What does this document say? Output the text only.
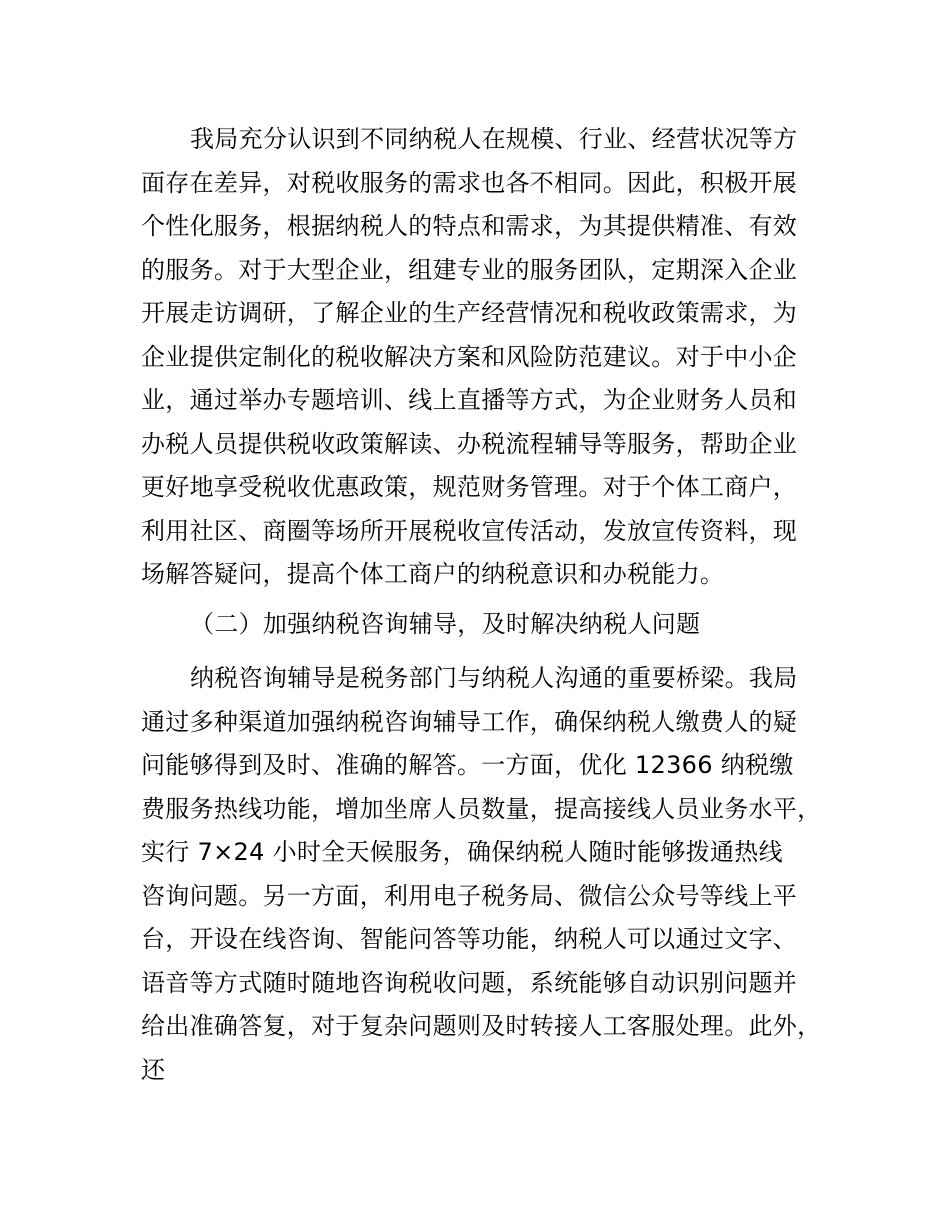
我局充分认识到不同纳税人在规模、行业、经营状况等方
面存在差异，对税收服务的需求也各不相同。因此，积极开展
个性化服务，根据纳税人的特点和需求，为其提供精准、有效
的服务。对于大型企业，组建专业的服务团队，定期深入企业
开展走访调研，了解企业的生产经营情况和税收政策需求，为
企业提供定制化的税收解决方案和风险防范建议。对于中小企
业，通过举办专题培训、线上直播等方式，为企业财务人员和
办税人员提供税收政策解读、办税流程辅导等服务，帮助企业
更好地享受税收优惠政策，规范财务管理。对于个体工商户，
利用社区、商圈等场所开展税收宣传活动，发放宣传资料，现
场解答疑问，提高个体工商户的纳税意识和办税能力。
（二）加强纳税咨询辅导，及时解决纳税人问题
纳税咨询辅导是税务部门与纳税人沟通的重要桥梁。我局
通过多种渠道加强纳税咨询辅导工作，确保纳税人缴费人的疑
问能够得到及时、准确的解答。一方面，优化 12366 纳税缴
费服务热线功能，增加坐席人员数量，提高接线人员业务水平，
实行 7×24 小时全天候服务，确保纳税人随时能够拨通热线
咨询问题。另一方面，利用电子税务局、微信公众号等线上平
台，开设在线咨询、智能问答等功能，纳税人可以通过文字、
语音等方式随时随地咨询税收问题，系统能够自动识别问题并
给出准确答复，对于复杂问题则及时转接人工客服处理。此外，
还
